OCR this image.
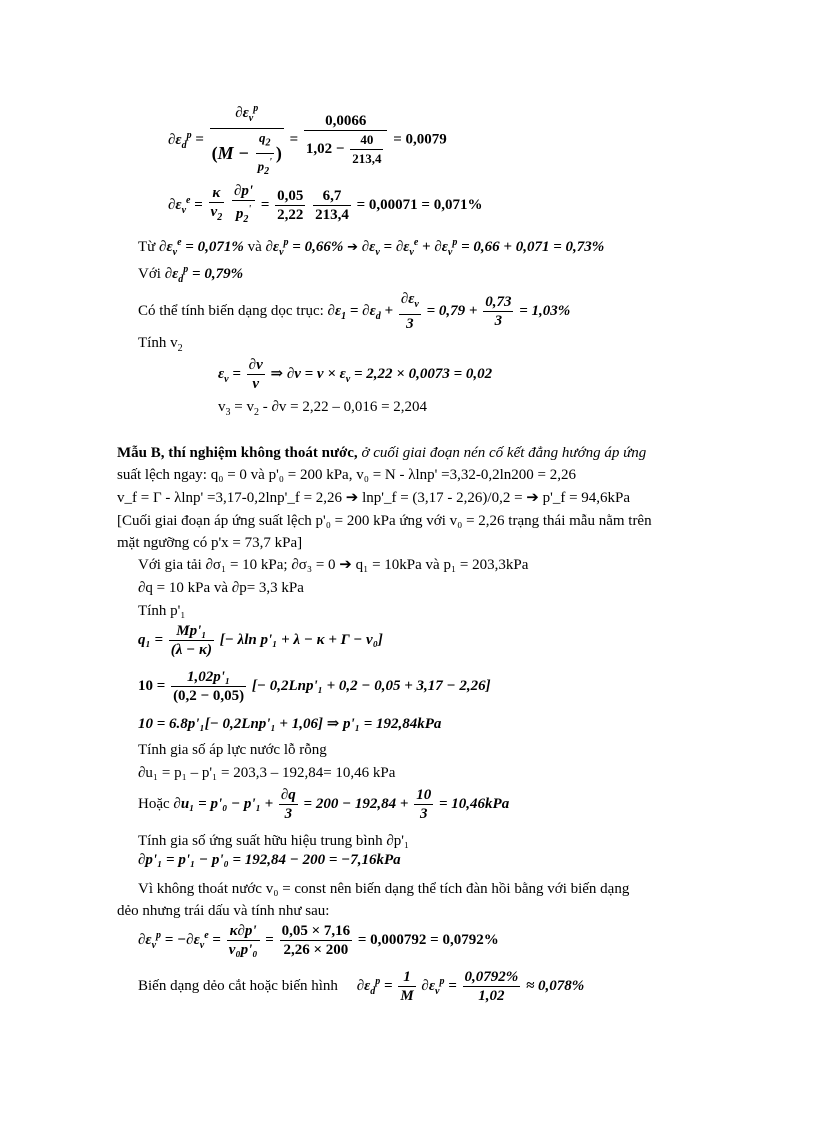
$\partial\varepsilon_d^p = \frac{\partial\varepsilon_v^p}{(M - \frac{q_2}{p_2'} )} = \frac{0,0066}{1,02 - \frac{40}{213,4}} = 0,0079$
$\partial\varepsilon_v^e = \frac{\kappa}{v_2}$
$\frac{\partial p'}{p_2'} = \frac{0,05}{2,22}$
$\frac{6,7}{213,4} = 0,00071 = 0,071\%$
Từ $\partial\varepsilon_v^e = 0,071\%$ và $\partial\varepsilon_v^p = 0,66\%$ ➔ $\partial\varepsilon_v = \partial\varepsilon_v^e + \partial\varepsilon_v^p = 0,66 + 0,071 = 0,73\%$
Với $\partial\varepsilon_d^p = 0,79\%$
Có thể tính biến dạng dọc trục: $\partial\varepsilon_1 = \partial\varepsilon_d + \frac{\partial\varepsilon_v}{3} = 0,79 + \frac{0,73}{3} = 1,03\%$
Tính $v_2$
$\varepsilon_v = \frac{\partial v}{v}$ ⇒ $\partial v = v \times \varepsilon_v = 2,22 \times 0,0073 = 0,02$
$v_3 = v_2 - \partial v = 2,22 - 0,016 = 2,204$
Mẫu B, thí nghiệm không thoát nước, ở cuối giai đoạn nén cố kết đẳng hướng áp ứng
suất lệch ngay: q₀ = 0 và p'₀ = 200 kPa, v₀ = N - λlnp' =3,32-0,2ln200 = 2,26
v_f = Γ - λlnp' =3,17-0,2lnp'_f = 2,26 ➔ lnp'_f = (3,17 - 2,26)/0,2 = ➔ p'_f = 94,6kPa
[Cuối giai đoạn áp ứng suất lệch p'₀ = 200 kPa ứng với v₀ = 2,26 trạng thái mẫu nằm trên
mặt ngưỡng có p'x = 73,7 kPa]
Với gia tải ∂σ₁ = 10 kPa; ∂σ₃ = 0 ➔ q₁ = 10kPa và p₁ = 203,3kPa
∂q = 10 kPa và ∂p= 3,3 kPa
Tính p'₁
$q_1 = \frac{\text{Mp'₁}}{(\lambda - \kappa)}$ [− λln p'₁ + λ − κ + Γ − v₀]
$10 = \frac{\text{1,02p'₁}}{(0,2 - 0,05)}$ [− 0,2Lnp'₁ + 0,2 − 0,05 + 3,17 − 2,26]
10 = 6.8p'₁[− 0,2Lnp'₁ + 1,06] ⇒ p'₁ = 192,84kPa
Tính gia số áp lực nước lỗ rỗng
∂u₁ = p₁ – p'₁ = 203,3 – 192,84= 10,46 kPa
Hoặc $\partial u_1 = p'_0 - p'_1 + \frac{\partial q}{3} = 200 - 192,84 + \frac{10}{3} = 10,46kPa$
Tính gia số ứng suất hữu hiệu trung bình ∂p'₁
∂p'₁ = p'₁ − p'₀ = 192,84 − 200 = −7,16kPa
Vì không thoát nước v₀ = const nên biến dạng thể tích đàn hồi bằng với biến dạng
dẻo nhưng trái dấu và tính như sau:
$\partial\varepsilon_v^p = -\partial\varepsilon_v^e = \frac{\kappa\partial p'}{\text{v₀p'₀}} = \frac{0,05 \times 7,16}{2,26 \times 200} = 0,000792 = 0,0792\%$
Biến dạng dẻo cắt hoặc biến hình $\partial\varepsilon_d^p = \frac{1}{M} \partial\varepsilon_v^p = \frac{0,0792\%}{1,02} \approx 0,078\%$
